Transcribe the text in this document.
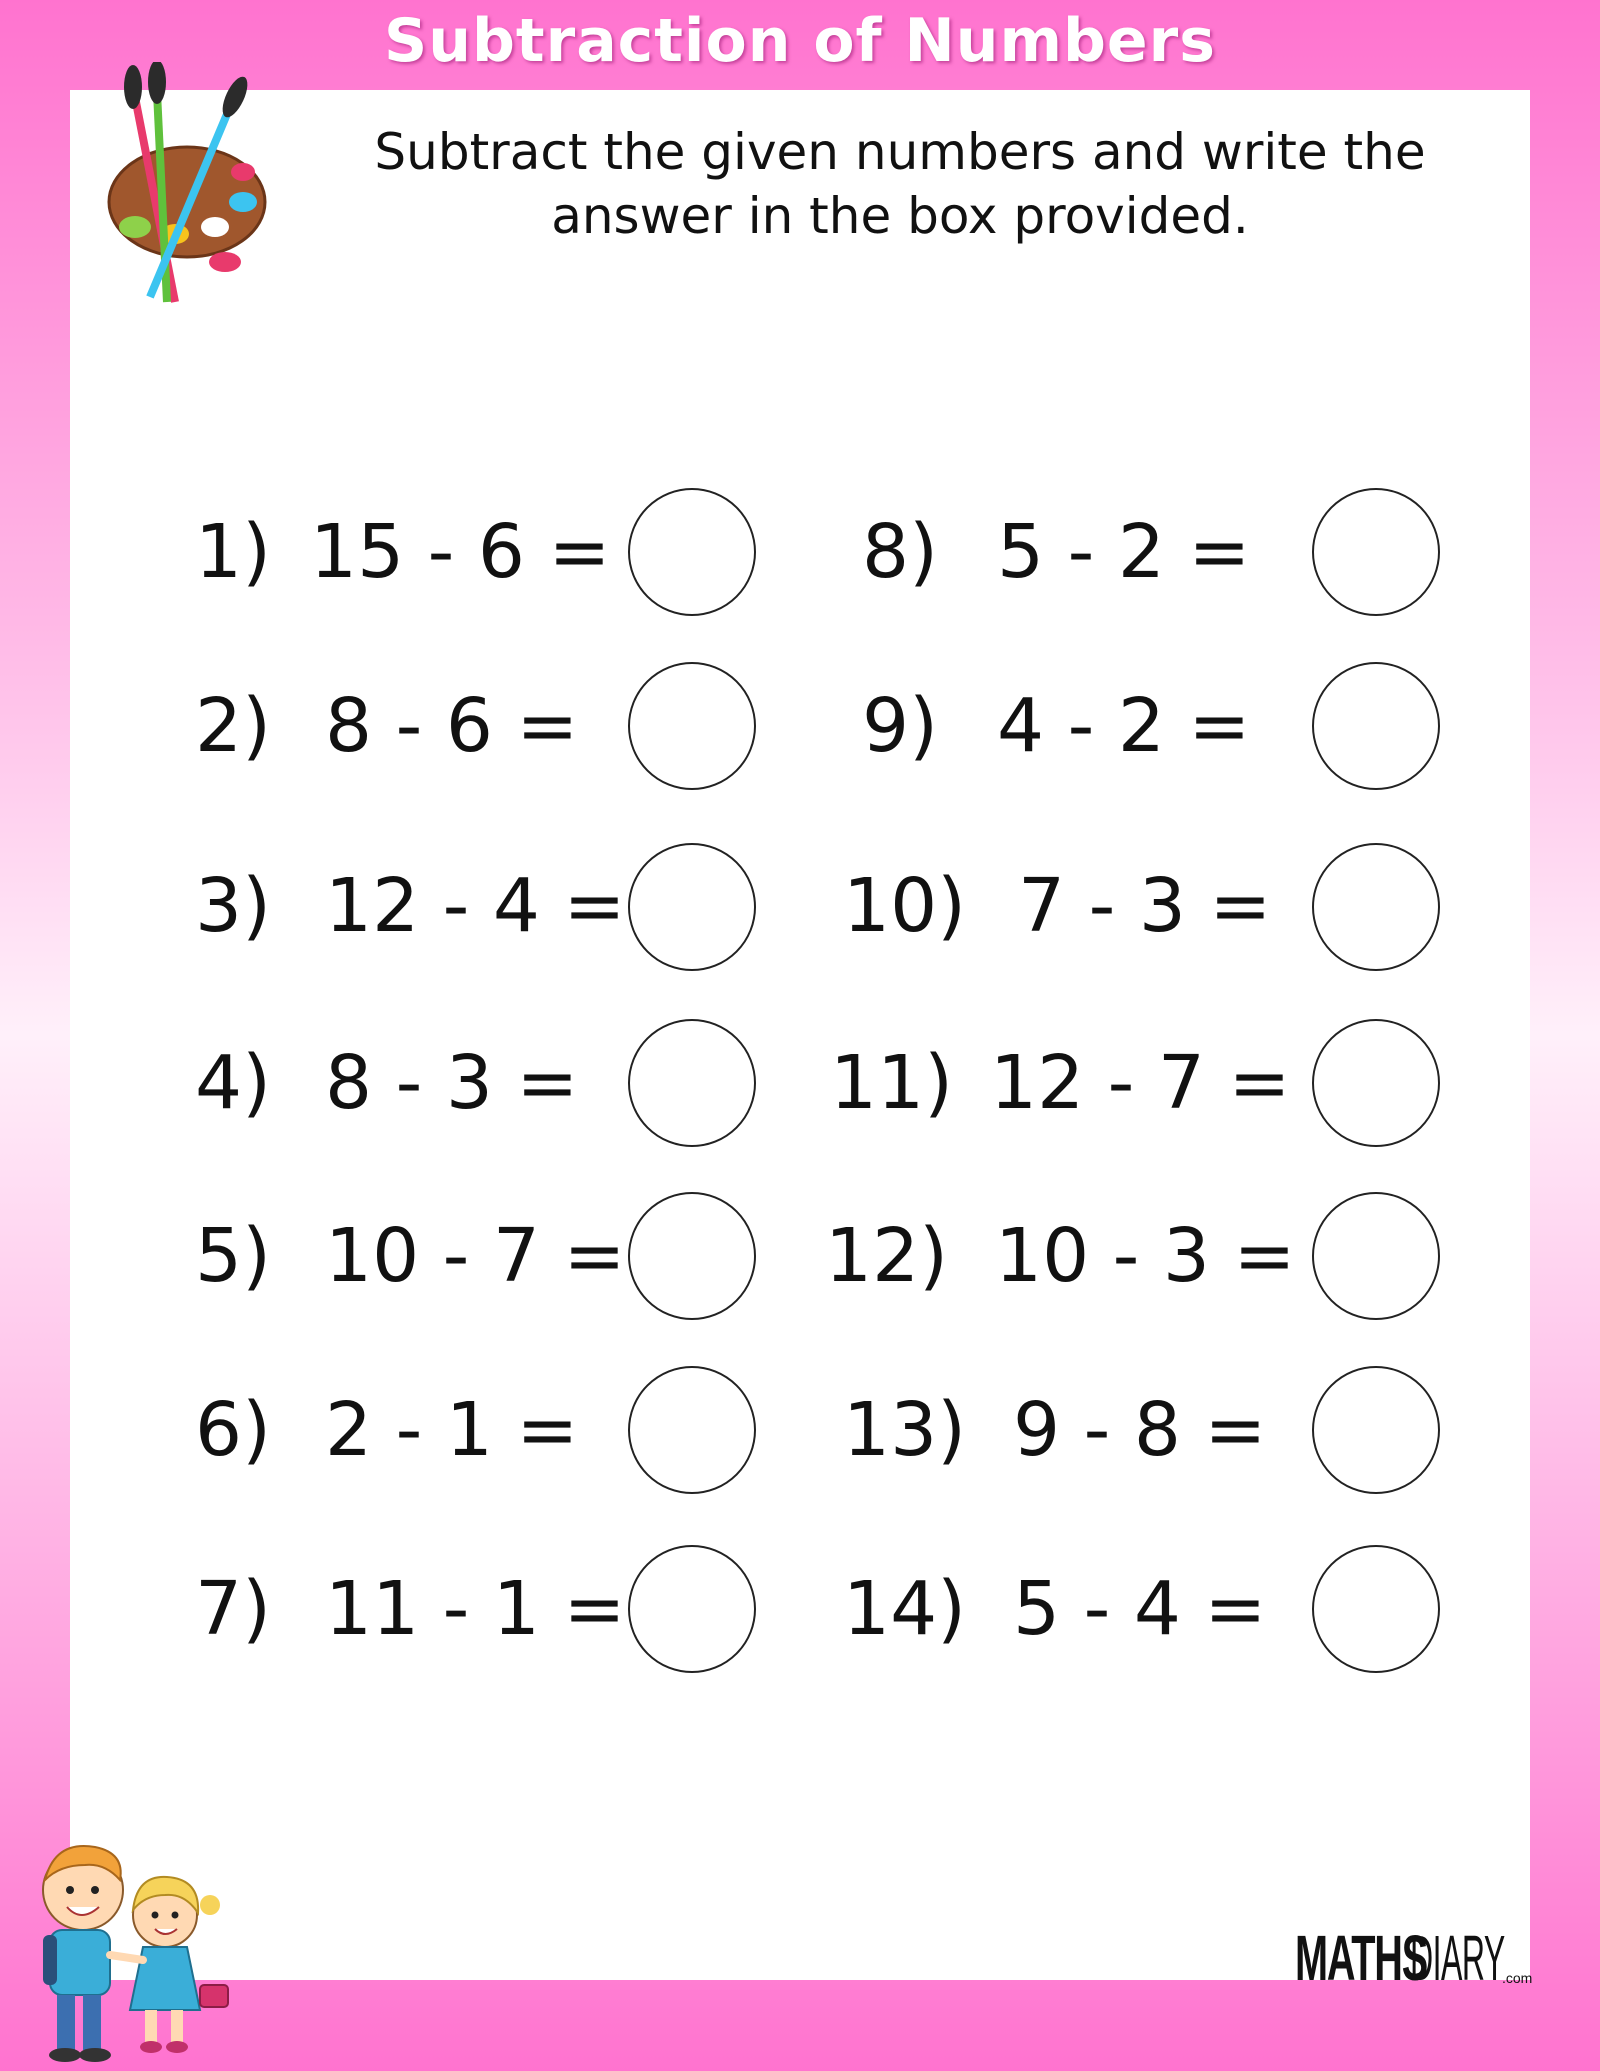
Subtraction of Numbers
Subtract the given numbers and write the
answer in the box provided.
1) 15 - 6 =
2) 8 - 6 =
3) 12 - 4 =
4) 8 - 3 =
5) 10 - 7 =
6) 2 - 1 =
7) 11 - 1 =
8) 5 - 2 =
9) 4 - 2 =
10) 7 - 3 =
11) 12 - 7 =
12) 10 - 3 =
13) 9 - 8 =
14) 5 - 4 =
MATHS
DIARY
.com
